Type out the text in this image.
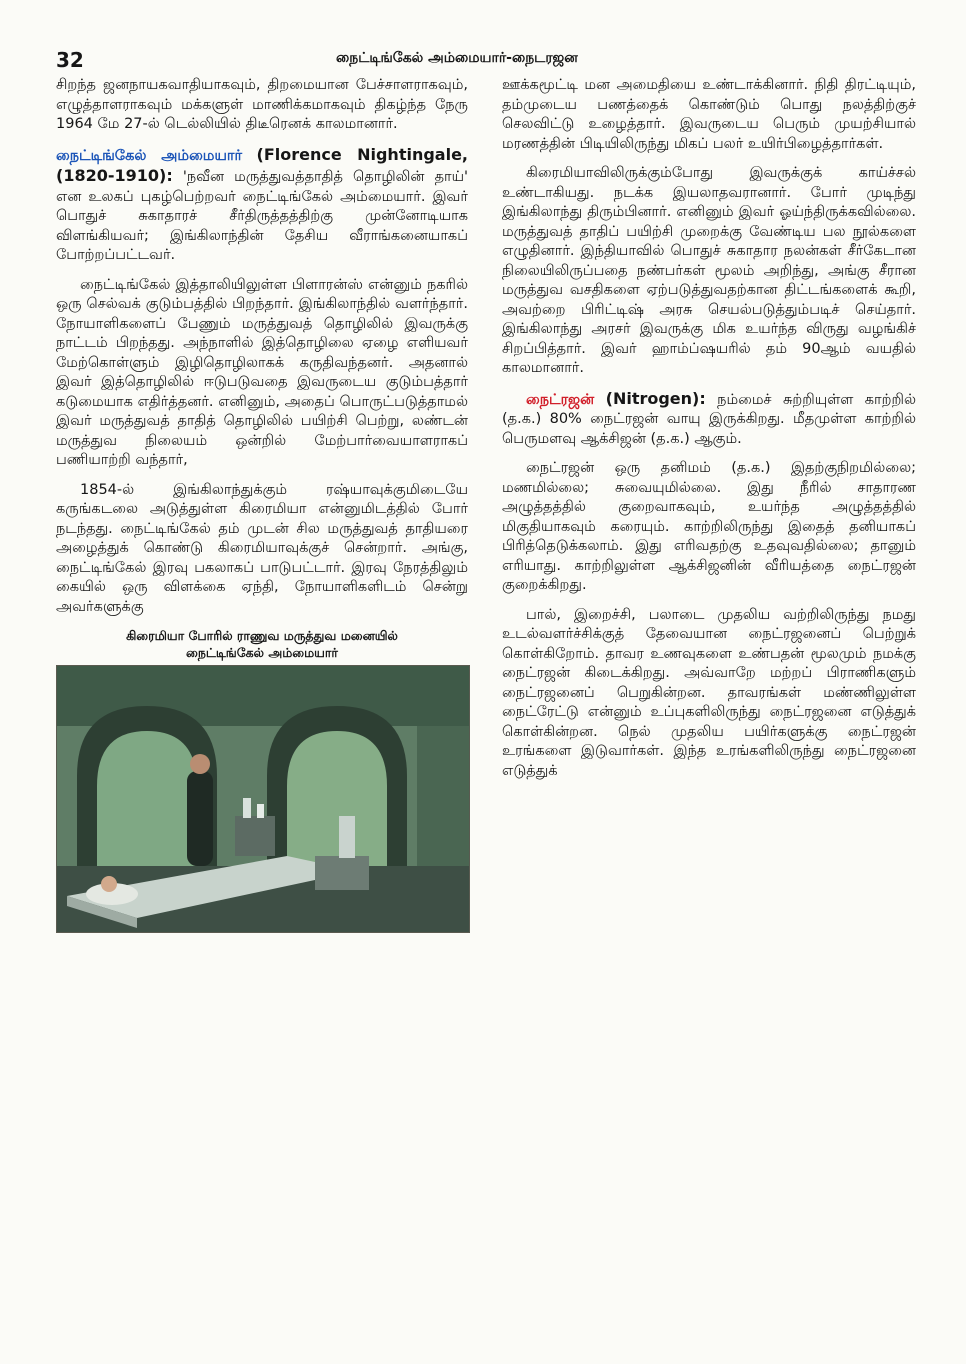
32	நைட்டிங்கேல் அம்மையார்-நைடரஜன

சிறந்த ஜனநாயகவாதியாகவும், திறமையான பேச்சாளராகவும், எழுத்தாளராகவும் மக்களுள் மாணிக்கமாகவும் திகழ்ந்த நேரு 1964 மே 27-ல் டெல்லியில் திடீரெனக் காலமானார்.

நைட்டிங்கேல் அம்மையார் (Florence Nightingale, (1820-1910): 'நவீன மருத்துவத்தாதித் தொழிலின் தாய்' என உலகப் புகழ்பெற்றவர் நைட்டிங்கேல் அம்மையார். இவர் பொதுச் சுகாதாரச் சீர்திருத்தத்திற்கு முன்னோடியாக விளங்கியவர்; இங்கிலாந்தின் தேசிய வீராங்கனையாகப் போற்றப்பட்டவர்.

நைட்டிங்கேல் இத்தாலியிலுள்ள பிளாரன்ஸ் என்னும் நகரில் ஒரு செல்வக் குடும்பத்தில் பிறந்தார். இங்கிலாந்தில் வளர்ந்தார். நோயாளிகளைப் பேணும் மருத்துவத் தொழிலில் இவருக்கு நாட்டம் பிறந்தது. அந்நாளில் இத்தொழிலை ஏழை எளியவர் மேற்கொள்ளும் இழிதொழிலாகக் கருதிவந்தனர். அதனால் இவர் இத்தொழிலில் ஈடுபடுவதை இவருடைய குடும்பத்தார் கடுமையாக எதிர்த்தனர். எனினும், அதைப் பொருட்படுத்தாமல் இவர் மருத்துவத் தாதித் தொழிலில் பயிற்சி பெற்று, லண்டன் மருத்துவ நிலையம் ஒன்றில் மேற்பார்வையாளராகப் பணியாற்றி வந்தார்,

1854-ல் இங்கிலாந்துக்கும் ரஷ்யாவுக்குமிடையே கருங்கடலை அடுத்துள்ள கிரைமியா என்னுமிடத்தில் போர் நடந்தது. நைட்டிங்கேல் தம் முடன் சில மருத்துவத் தாதியரை அழைத்துக் கொண்டு கிரைமியாவுக்குச் சென்றார். அங்கு, நைட்டிங்கேல் இரவு பகலாகப் பாடுபட்டார். இரவு நேரத்திலும் கையில் ஒரு விளக்கை ஏந்தி, நோயாளிகளிடம் சென்று அவர்களுக்கு

கிரைமியா போரில் ராணுவ மருத்துவ மனையில்
நைட்டிங்கேல் அம்மையார்

ஊக்கமூட்டி மன அமைதியை உண்டாக்கினார். நிதி திரட்டியும், தம்முடைய பணத்தைக் கொண்டும் பொது நலத்திற்குச் செலவிட்டு உழைத்தார். இவருடைய பெரும் முயற்சியால் மரணத்தின் பிடியிலிருந்து மிகப் பலர் உயிர்பிழைத்தார்கள்.

கிரைமியாவிலிருக்கும்போது இவருக்குக் காய்ச்சல் உண்டாகியது. நடக்க இயலாதவரானார். போர் முடிந்து இங்கிலாந்து திரும்பினார். எனினும் இவர் ஓய்ந்திருக்கவில்லை. மருத்துவத் தாதிப் பயிற்சி முறைக்கு வேண்டிய பல நூல்களை எழுதினார். இந்தியாவில் பொதுச் சுகாதார நலன்கள் சீர்கேடான நிலையிலிருப்பதை நண்பர்கள் மூலம் அறிந்து, அங்கு சீரான மருத்துவ வசதிகளை ஏற்படுத்துவதற்கான திட்டங்களைக் கூறி, அவற்றை பிரிட்டிஷ் அரசு செயல்படுத்தும்படிச் செய்தார். இங்கிலாந்து அரசர் இவருக்கு மிக உயர்ந்த விருது வழங்கிச் சிறப்பித்தார். இவர் ஹாம்ப்ஷயரில் தம் 90ஆம் வயதில் காலமானார்.

நைட்ரஜன் (Nitrogen): நம்மைச் சுற்றியுள்ள காற்றில் (த.க.) 80% நைட்ரஜன் வாயு இருக்கிறது. மீதமுள்ள காற்றில் பெருமளவு ஆக்சிஜன் (த.க.) ஆகும்.

நைட்ரஜன் ஒரு தனிமம் (த.க.) இதற்குநிறமில்லை; மணமில்லை; சுவையுமில்லை. இது நீரில் சாதாரண அழுத்தத்தில் குறைவாகவும், உயர்ந்த அழுத்தத்தில் மிகுதியாகவும் கரையும். காற்றிலிருந்து இதைத் தனியாகப் பிரித்தெடுக்கலாம். இது எரிவதற்கு உதவுவதில்லை; தானும் எரியாது. காற்றிலுள்ள ஆக்சிஜனின் வீரியத்தை நைட்ரஜன் குறைக்கிறது.

பால், இறைச்சி, பலாடை முதலிய வற்றிலிருந்து நமது உடல்வளர்ச்சிக்குத் தேவையான நைட்ரஜனைப் பெற்றுக் கொள்கிறோம். தாவர உணவுகளை உண்பதன் மூலமும் நமக்கு நைட்ரஜன் கிடைக்கிறது. அவ்வாறே மற்றப் பிராணிகளும் நைட்ரஜனைப் பெறுகின்றன. தாவரங்கள் மண்ணிலுள்ள நைட்ரேட்டு என்னும் உப்புகளிலிருந்து நைட்ரஜனை எடுத்துக் கொள்கின்றன. நெல் முதலிய பயிர்களுக்கு நைட்ரஜன் உரங்களை இடுவார்கள். இந்த உரங்களிலிருந்து நைட்ரஜனை எடுத்துக்
